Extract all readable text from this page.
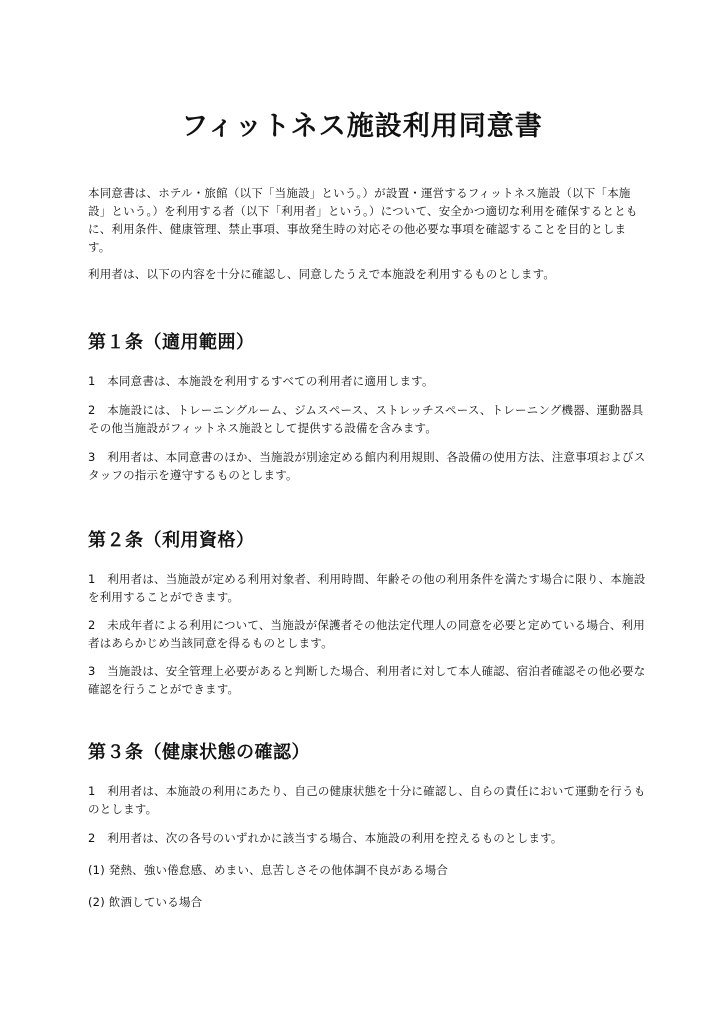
フィットネス施設利用同意書
本同意書は、ホテル・旅館（以下「当施設」という。）が設置・運営するフィットネス施設（以下「本施設」という。）を利用する者（以下「利用者」という。）について、安全かつ適切な利用を確保するとともに、利用条件、健康管理、禁止事項、事故発生時の対応その他必要な事項を確認することを目的とします。
利用者は、以下の内容を十分に確認し、同意したうえで本施設を利用するものとします。
第１条（適用範囲）
1　本同意書は、本施設を利用するすべての利用者に適用します。
2　本施設には、トレーニングルーム、ジムスペース、ストレッチスペース、トレーニング機器、運動器具その他当施設がフィットネス施設として提供する設備を含みます。
3　利用者は、本同意書のほか、当施設が別途定める館内利用規則、各設備の使用方法、注意事項およびスタッフの指示を遵守するものとします。
第２条（利用資格）
1　利用者は、当施設が定める利用対象者、利用時間、年齢その他の利用条件を満たす場合に限り、本施設を利用することができます。
2　未成年者による利用について、当施設が保護者その他法定代理人の同意を必要と定めている場合、利用者はあらかじめ当該同意を得るものとします。
3　当施設は、安全管理上必要があると判断した場合、利用者に対して本人確認、宿泊者確認その他必要な確認を行うことができます。
第３条（健康状態の確認）
1　利用者は、本施設の利用にあたり、自己の健康状態を十分に確認し、自らの責任において運動を行うものとします。
2　利用者は、次の各号のいずれかに該当する場合、本施設の利用を控えるものとします。
(1) 発熱、強い倦怠感、めまい、息苦しさその他体調不良がある場合
(2) 飲酒している場合
